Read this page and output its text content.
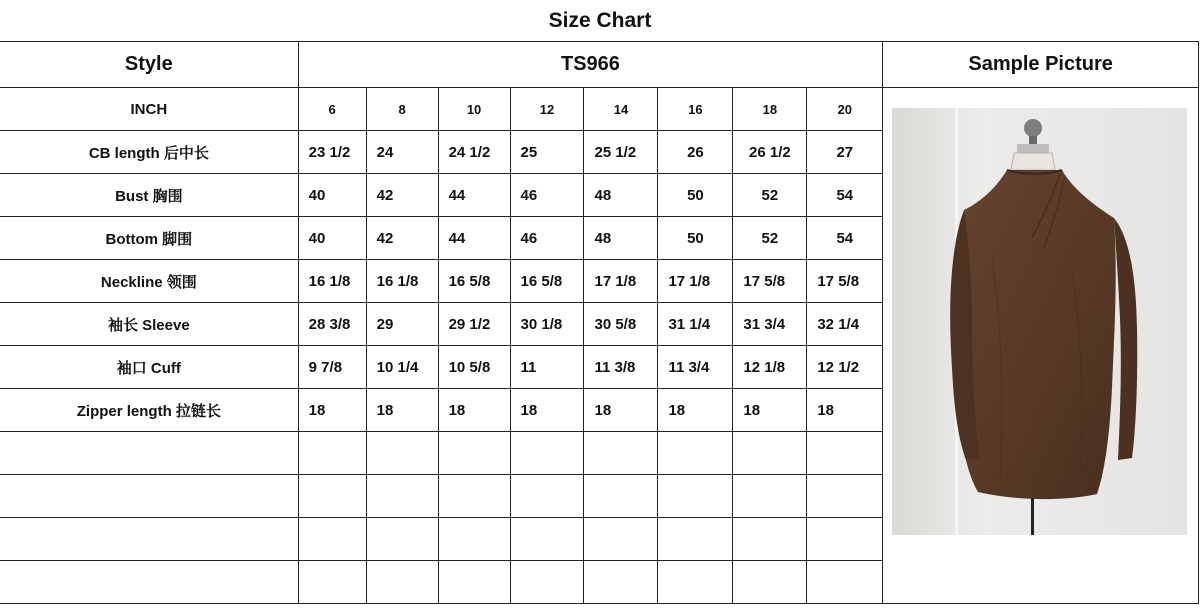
Size Chart
Style	TS966								Sample Picture
INCH	6	8	10	12	14	16	18	20	

CB length 后中长	23 1/2	24	24 1/2	25	25 1/2	26	26 1/2	27	
Bust 胸围	40	42	44	46	48	50	52	54	
Bottom 脚围	40	42	44	46	48	50	52	54	
Neckline 领围	16 1/8	16 1/8	16 5/8	16 5/8	17 1/8	17 1/8	17 5/8	17 5/8	
袖长 Sleeve	28 3/8	29	29 1/2	30 1/8	30 5/8	31 1/4	31 3/4	32 1/4	
袖口 Cuff	9 7/8	10 1/4	10 5/8	11	11 3/8	11 3/4	12 1/8	12 1/2	
Zipper length 拉链长	18	18	18	18	18	18	18	18	
